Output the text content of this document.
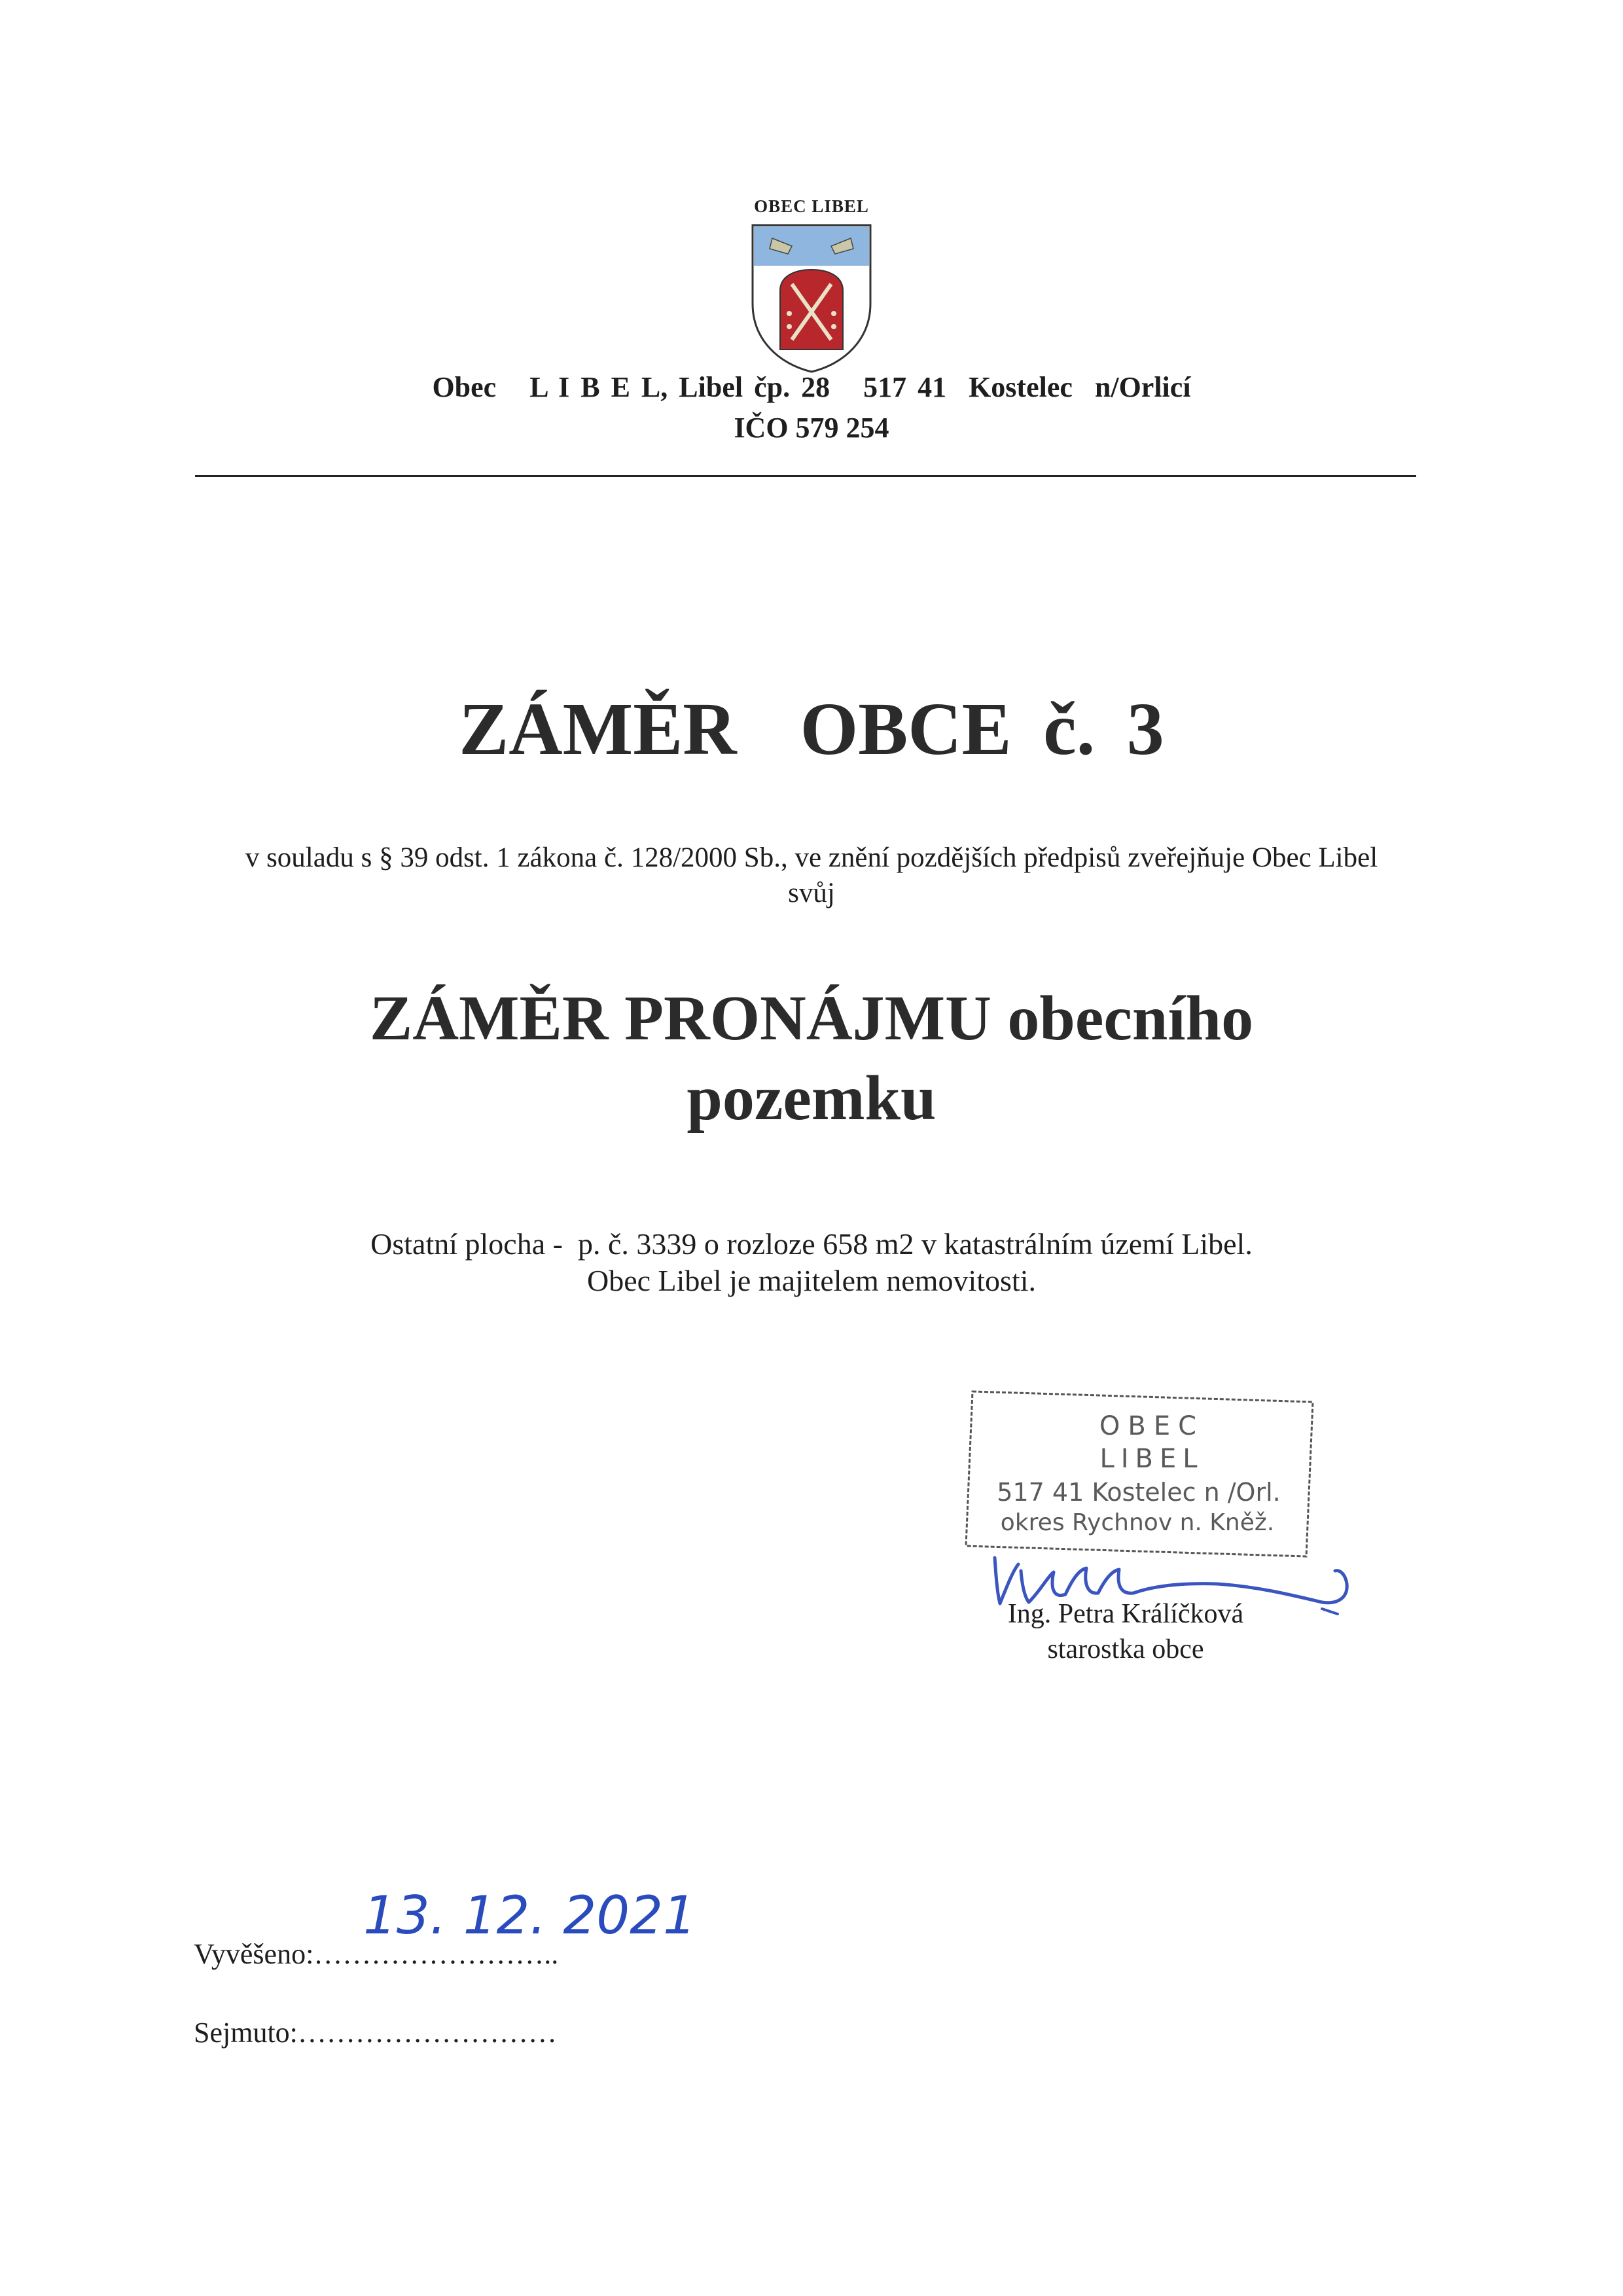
OBEC LIBEL
Obec   L I B E L, Libel čp. 28   517 41  Kostelec  n/Orlicí
IČO 579 254
ZÁMĚR  OBCE č. 3
v souladu s § 39 odst. 1 zákona č. 128/2000 Sb., ve znění pozdějších předpisů zveřejňuje Obec Libel
svůj
ZÁMĚR PRONÁJMU obecního
pozemku
Ostatní plocha -  p. č. 3339 o rozloze 658 m2 v katastrálním území Libel.
Obec Libel je majitelem nemovitosti.
OBEC
LIBEL
517 41 Kostelec n /Orl.
okres Rychnov n. Kněž.
Ing. Petra Králíčková
starostka obce
Vyvěšeno:……………………..
13. 12. 2021
Sejmuto:………………………
